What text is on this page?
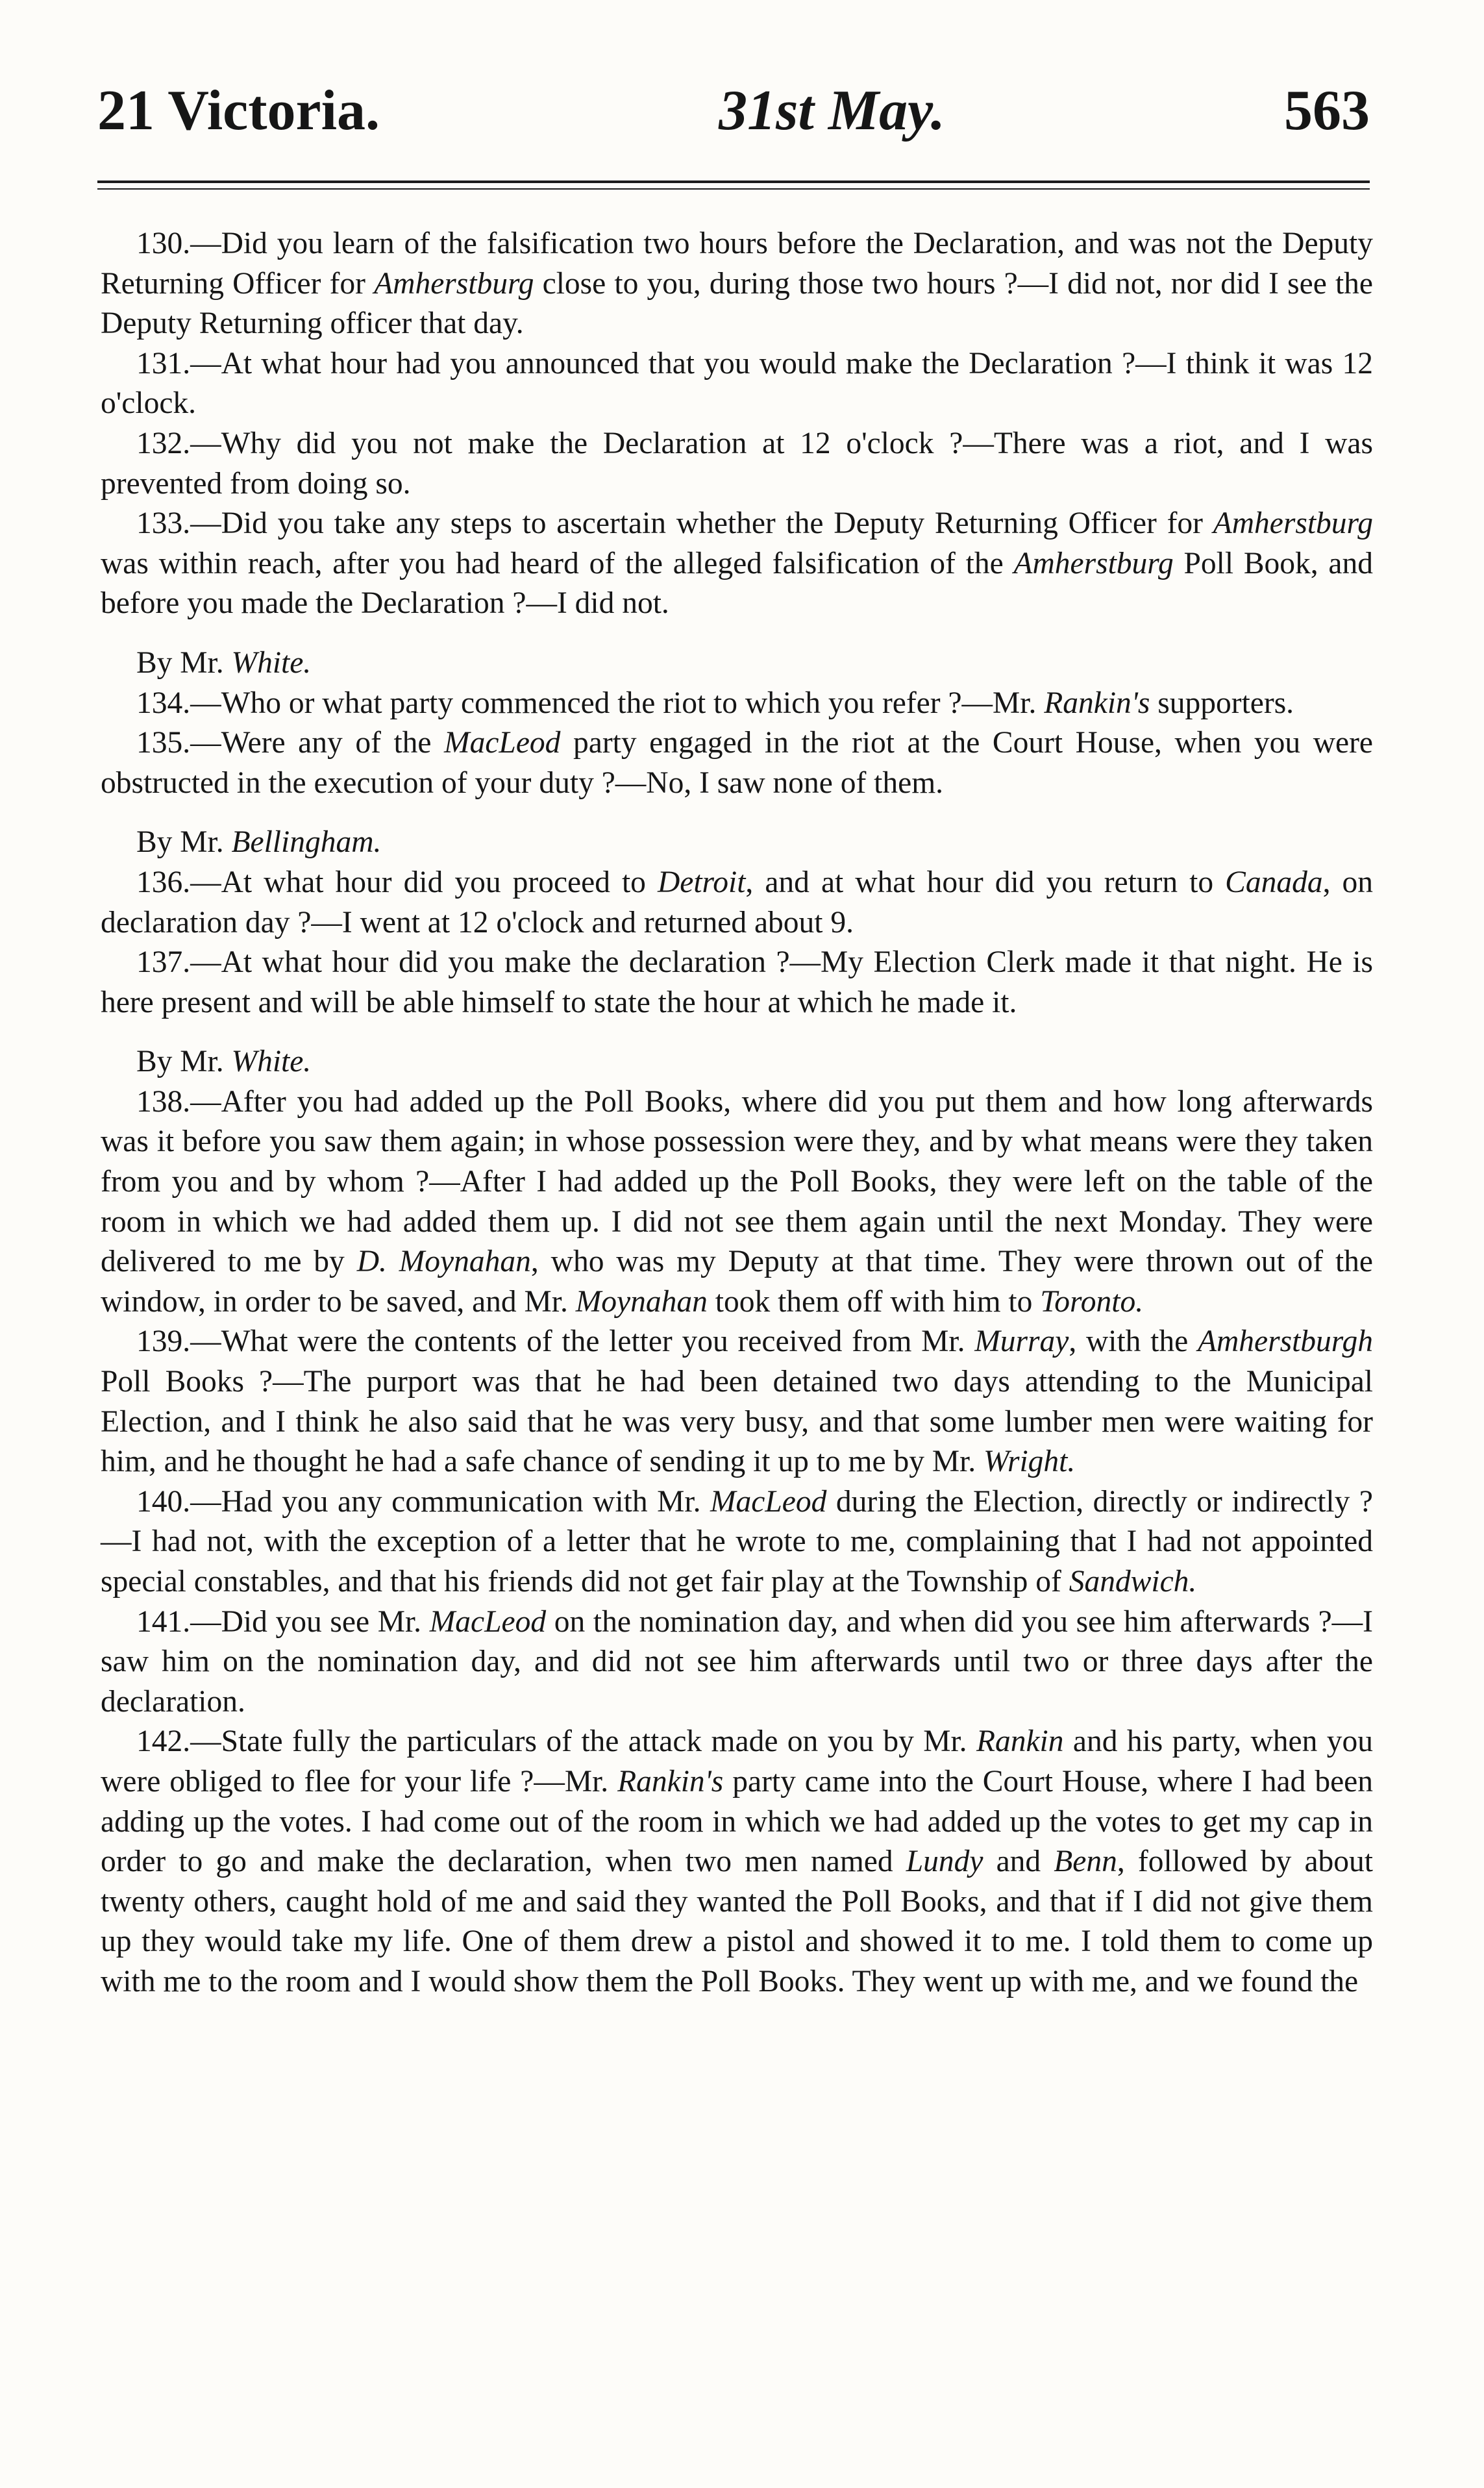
21 Victoria.	31st May.	563

130.—Did you learn of the falsification two hours before the Declaration, and was not the Deputy Returning Officer for Amherstburg close to you, during those two hours ?—I did not, nor did I see the Deputy Returning officer that day.

131.—At what hour had you announced that you would make the Declaration ?—I think it was 12 o'clock.

132.—Why did you not make the Declaration at 12 o'clock ?—There was a riot, and I was prevented from doing so.

133.—Did you take any steps to ascertain whether the Deputy Returning Officer for Amherstburg was within reach, after you had heard of the alleged falsification of the Amherstburg Poll Book, and before you made the Declaration ?—I did not.

By Mr. White.

134.—Who or what party commenced the riot to which you refer ?—Mr. Rankin's supporters.

135.—Were any of the MacLeod party engaged in the riot at the Court House, when you were obstructed in the execution of your duty ?—No, I saw none of them.

By Mr. Bellingham.

136.—At what hour did you proceed to Detroit, and at what hour did you return to Canada, on declaration day ?—I went at 12 o'clock and returned about 9.

137.—At what hour did you make the declaration ?—My Election Clerk made it that night. He is here present and will be able himself to state the hour at which he made it.

By Mr. White.

138.—After you had added up the Poll Books, where did you put them and how long afterwards was it before you saw them again; in whose possession were they, and by what means were they taken from you and by whom ?—After I had added up the Poll Books, they were left on the table of the room in which we had added them up. I did not see them again until the next Monday. They were delivered to me by D. Moynahan, who was my Deputy at that time. They were thrown out of the window, in order to be saved, and Mr. Moynahan took them off with him to Toronto.

139.—What were the contents of the letter you received from Mr. Murray, with the Amherstburgh Poll Books ?—The purport was that he had been detained two days attending to the Municipal Election, and I think he also said that he was very busy, and that some lumber men were waiting for him, and he thought he had a safe chance of sending it up to me by Mr. Wright.

140.—Had you any communication with Mr. MacLeod during the Election, directly or indirectly ?—I had not, with the exception of a letter that he wrote to me, complaining that I had not appointed special constables, and that his friends did not get fair play at the Township of Sandwich.

141.—Did you see Mr. MacLeod on the nomination day, and when did you see him afterwards ?—I saw him on the nomination day, and did not see him afterwards until two or three days after the declaration.

142.—State fully the particulars of the attack made on you by Mr. Rankin and his party, when you were obliged to flee for your life ?—Mr. Rankin's party came into the Court House, where I had been adding up the votes. I had come out of the room in which we had added up the votes to get my cap in order to go and make the declaration, when two men named Lundy and Benn, followed by about twenty others, caught hold of me and said they wanted the Poll Books, and that if I did not give them up they would take my life. One of them drew a pistol and showed it to me. I told them to come up with me to the room and I would show them the Poll Books. They went up with me, and we found the
